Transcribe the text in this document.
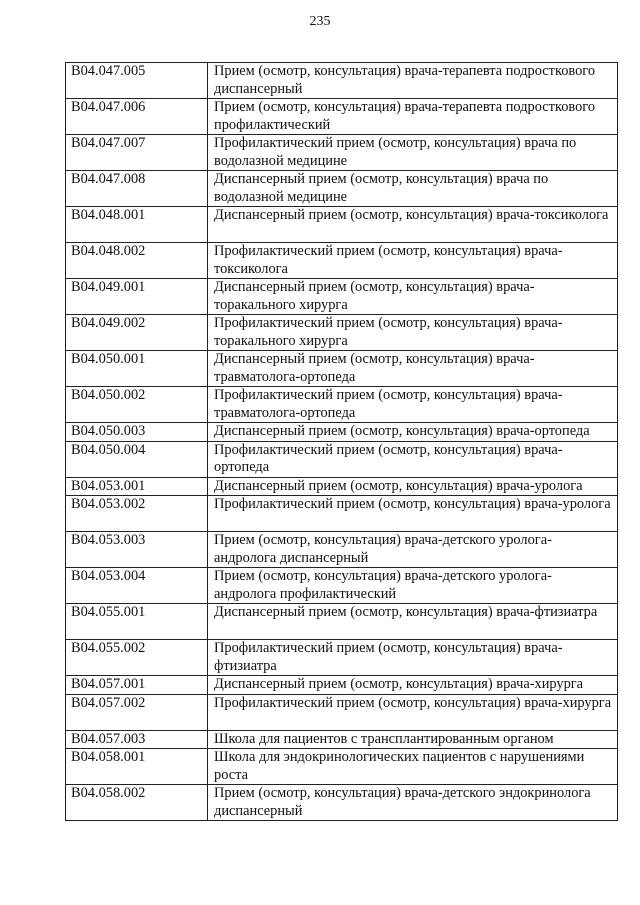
235
B04.047.005	Прием (осмотр, консультация) врача-терапевта подросткового диспансерный
B04.047.006	Прием (осмотр, консультация) врача-терапевта подросткового профилактический
B04.047.007	Профилактический прием (осмотр, консультация) врача по водолазной медицине
B04.047.008	Диспансерный прием (осмотр, консультация) врача по водолазной медицине
B04.048.001	Диспансерный прием (осмотр, консультация) врача-токсиколога
B04.048.002	Профилактический прием (осмотр, консультация) врача-токсиколога
B04.049.001	Диспансерный прием (осмотр, консультация) врача-торакального хирурга
B04.049.002	Профилактический прием (осмотр, консультация) врача-торакального хирурга
B04.050.001	Диспансерный прием (осмотр, консультация) врача-травматолога-ортопеда
B04.050.002	Профилактический прием (осмотр, консультация) врача-травматолога-ортопеда
B04.050.003	Диспансерный прием (осмотр, консультация) врача-ортопеда
B04.050.004	Профилактический прием (осмотр, консультация) врача-ортопеда
B04.053.001	Диспансерный прием (осмотр, консультация) врача-уролога
B04.053.002	Профилактический прием (осмотр, консультация) врача-уролога
B04.053.003	Прием (осмотр, консультация) врача-детского уролога-андролога диспансерный
B04.053.004	Прием (осмотр, консультация) врача-детского уролога-андролога профилактический
B04.055.001	Диспансерный прием (осмотр, консультация) врача-фтизиатра
B04.055.002	Профилактический прием (осмотр, консультация) врача-фтизиатра
B04.057.001	Диспансерный прием (осмотр, консультация) врача-хирурга
B04.057.002	Профилактический прием (осмотр, консультация) врача-хирурга
B04.057.003	Школа для пациентов с трансплантированным органом
B04.058.001	Школа для эндокринологических пациентов с нарушениями роста
B04.058.002	Прием (осмотр, консультация) врача-детского эндокринолога диспансерный
